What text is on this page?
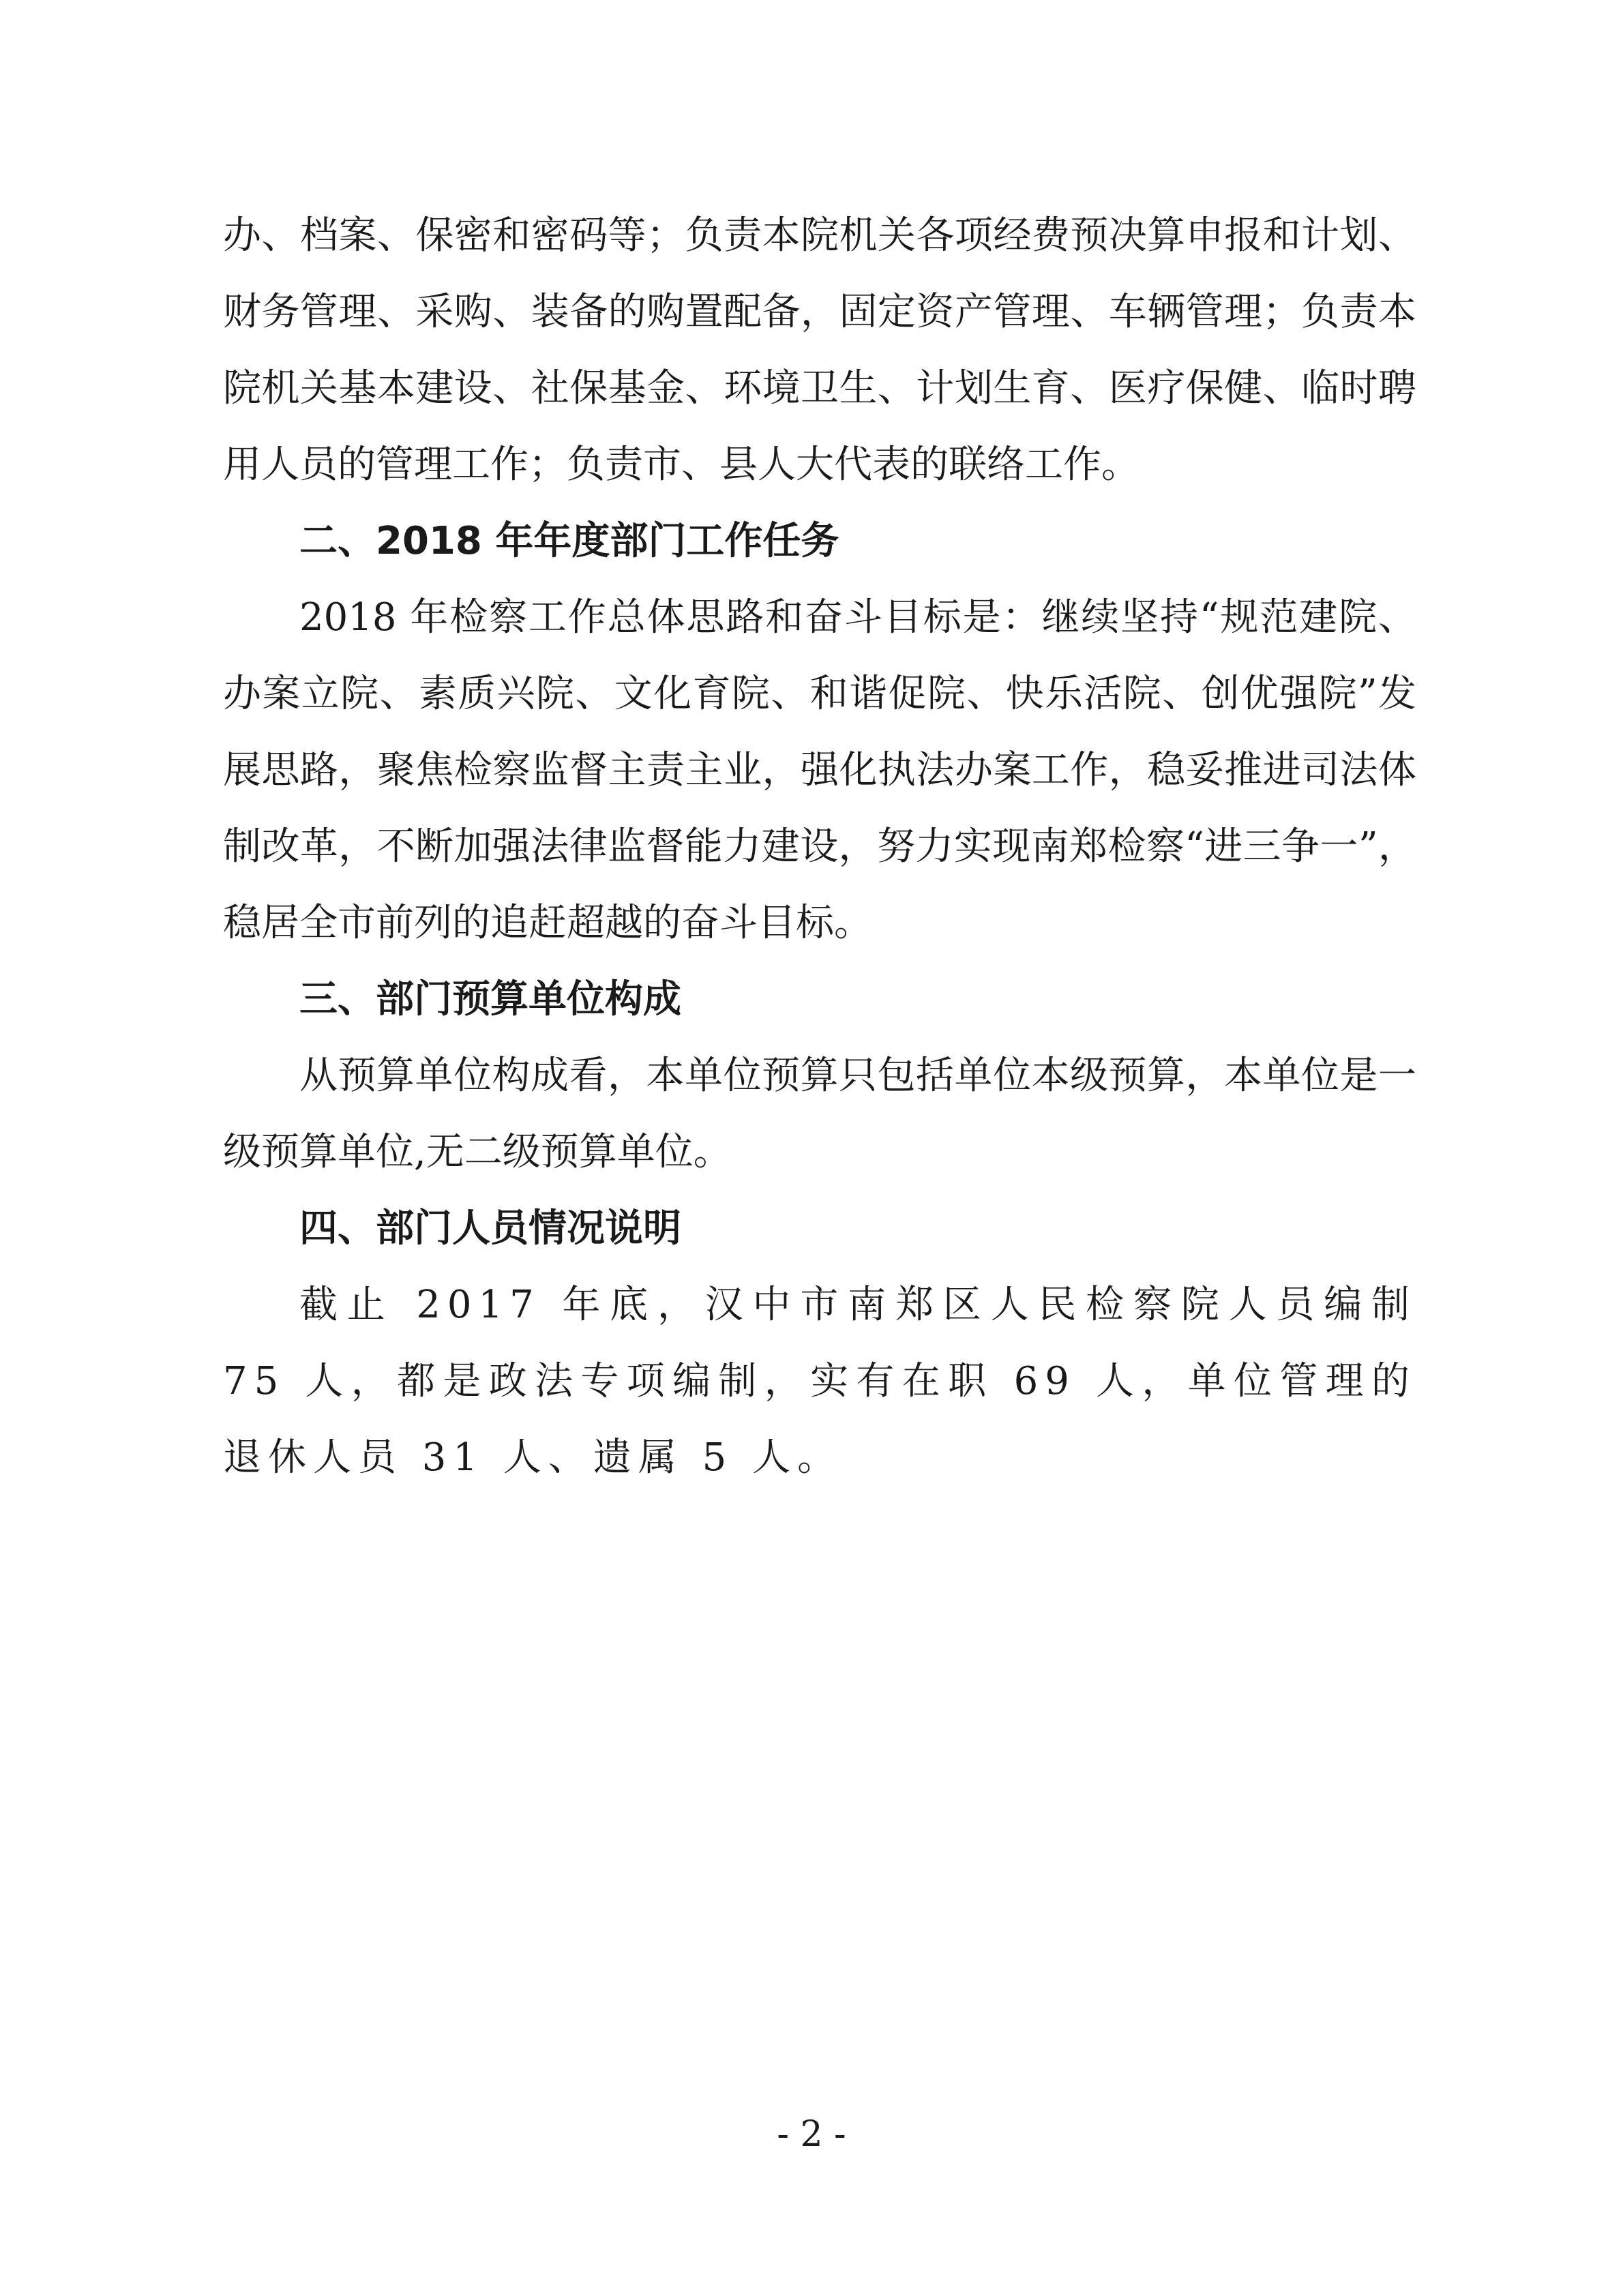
办、档案、保密和密码等；负责本院机关各项经费预决算申报和计划、财务管理、采购、装备的购置配备，固定资产管理、车辆管理；负责本院机关基本建设、社保基金、环境卫生、计划生育、医疗保健、临时聘用人员的管理工作；负责市、县人大代表的联络工作。

二、2018 年年度部门工作任务

2018 年检察工作总体思路和奋斗目标是：继续坚持“规范建院、办案立院、素质兴院、文化育院、和谐促院、快乐活院、创优强院”发展思路，聚焦检察监督主责主业，强化执法办案工作，稳妥推进司法体制改革，不断加强法律监督能力建设，努力实现南郑检察“进三争一”，稳居全市前列的追赶超越的奋斗目标。

三、部门预算单位构成

从预算单位构成看，本单位预算只包括单位本级预算，本单位是一级预算单位,无二级预算单位。

四、部门人员情况说明

截止 2017 年底，汉中市南郑区人民检察院人员编制 75 人，都是政法专项编制，实有在职 69 人，单位管理的退休人员 31 人、遗属 5 人。

- 2 -
